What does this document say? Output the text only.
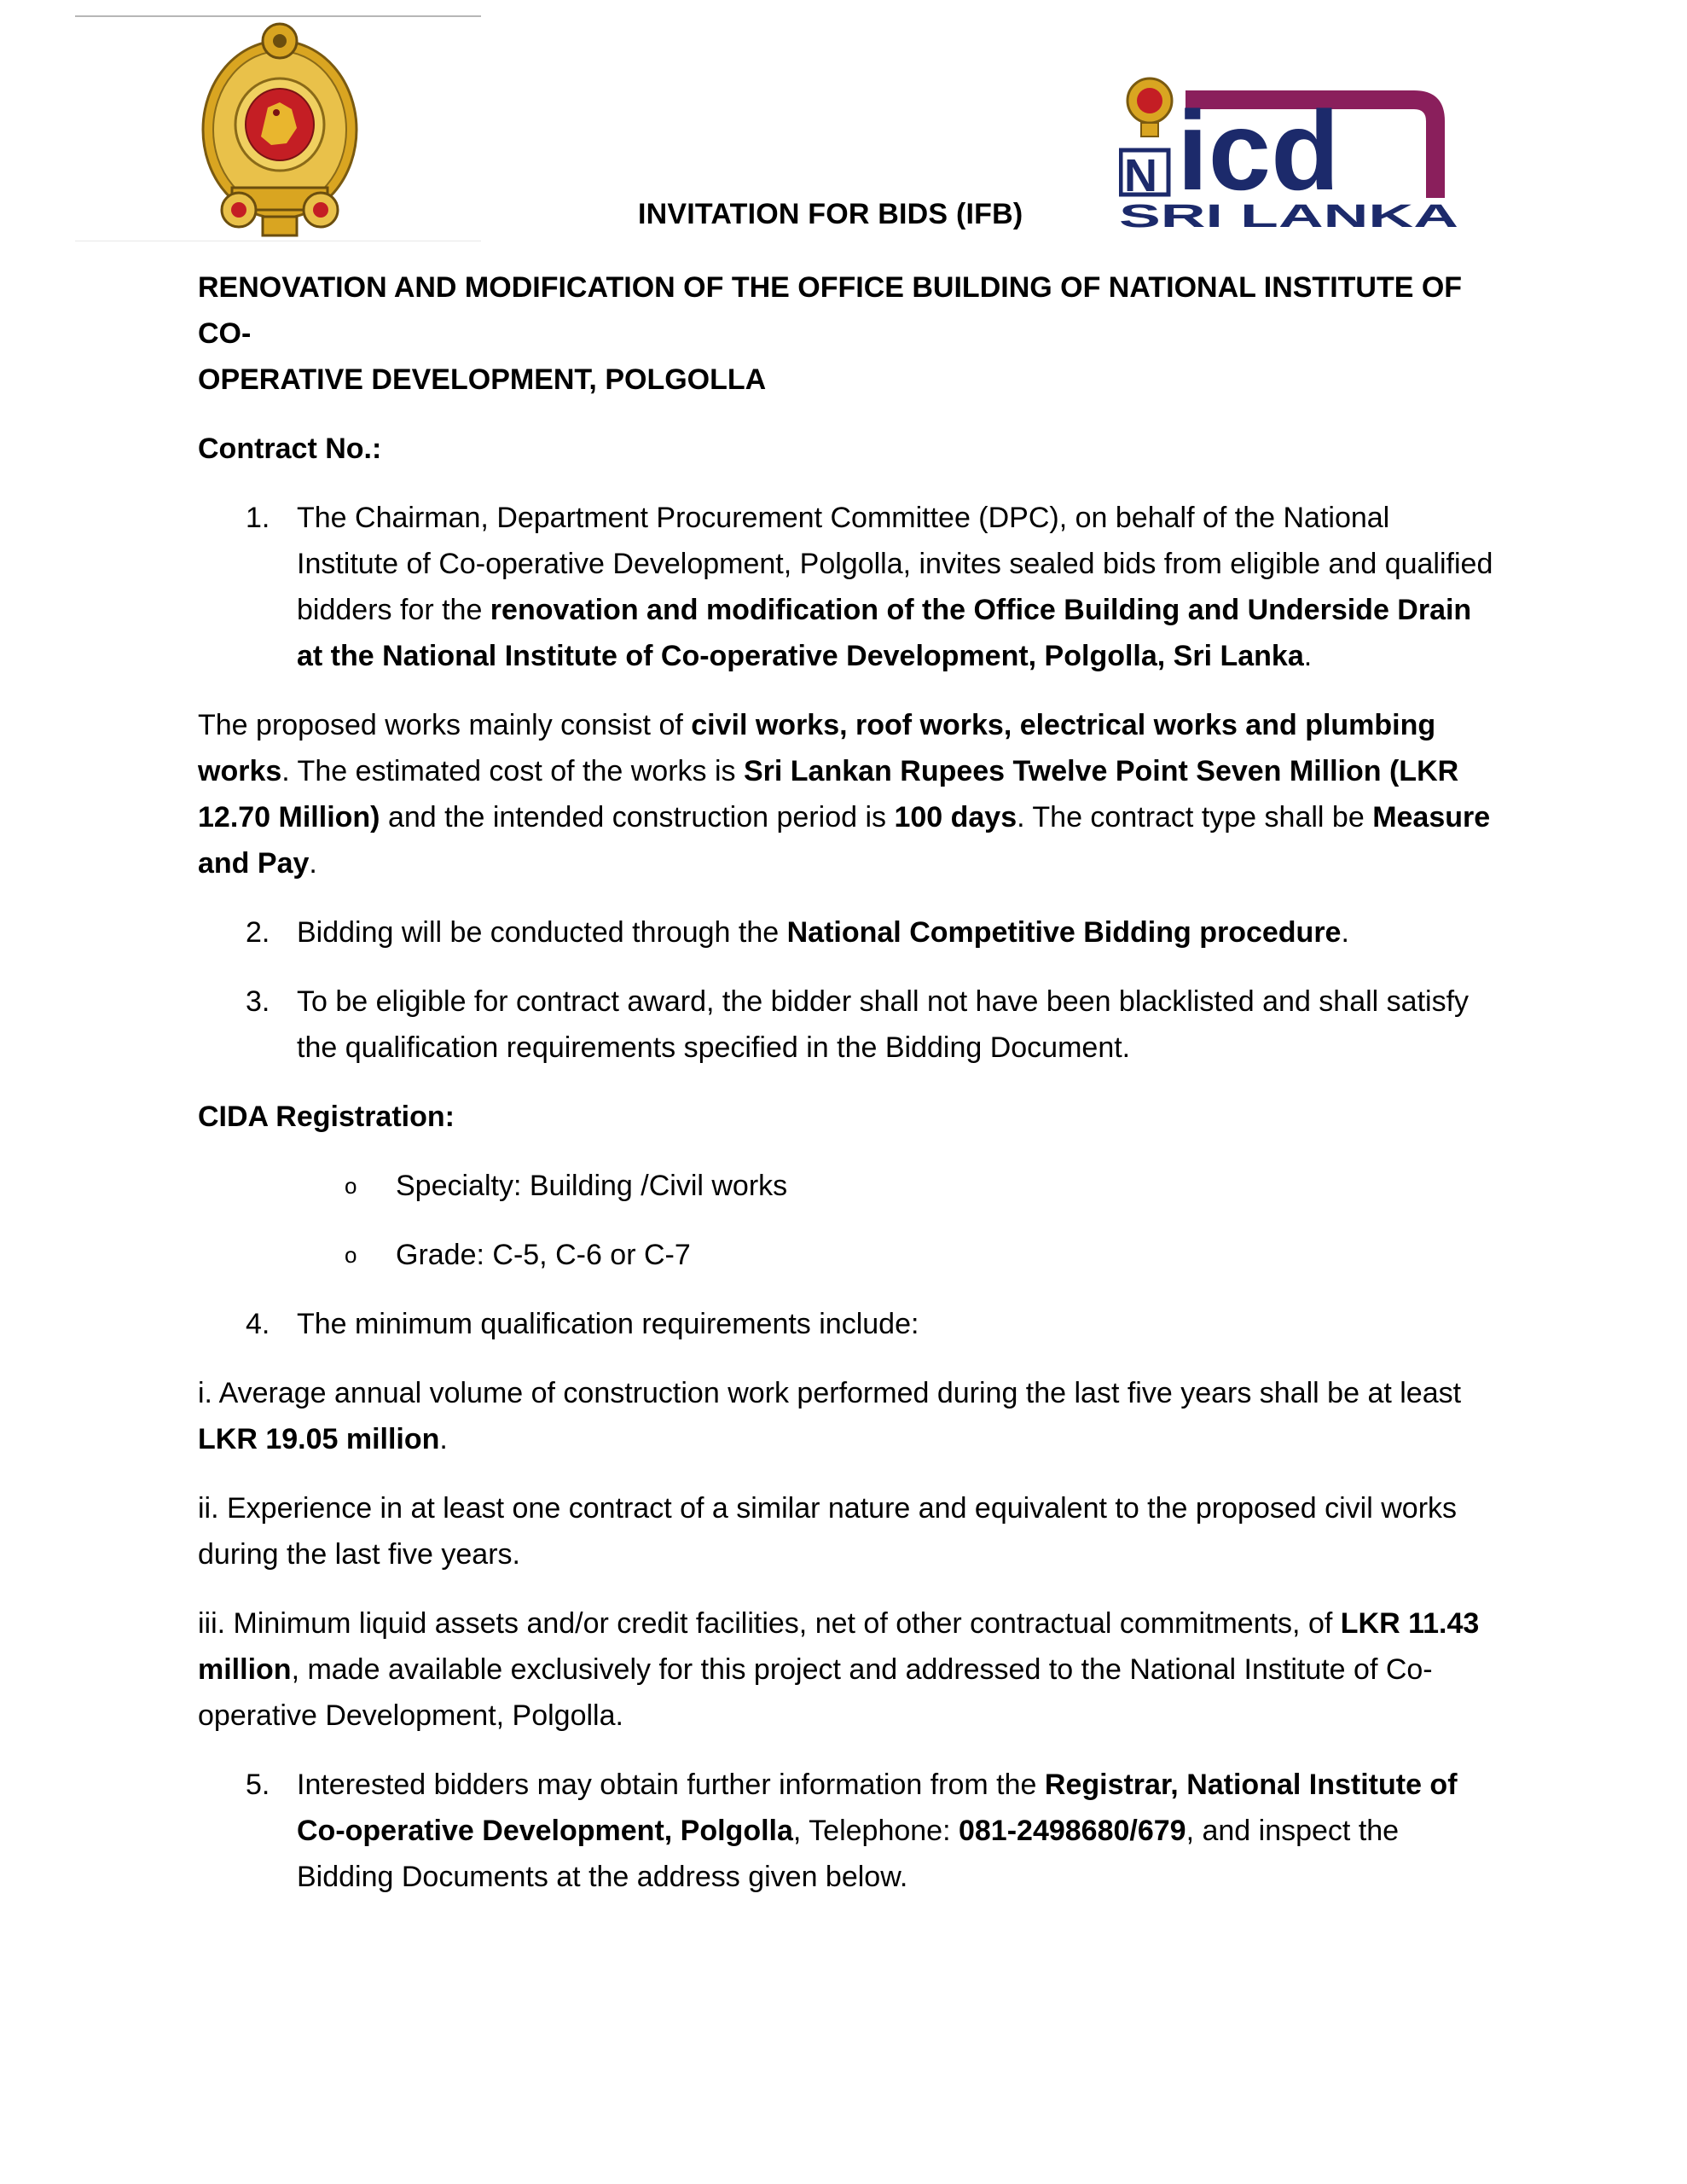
icd
N
SRI LANKA
INVITATION FOR BIDS (IFB)
RENOVATION AND MODIFICATION OF THE OFFICE BUILDING OF NATIONAL INSTITUTE OF CO-
OPERATIVE DEVELOPMENT, POLGOLLA
Contract No.:
1. The Chairman, Department Procurement Committee (DPC), on behalf of the National Institute of Co-operative Development, Polgolla, invites sealed bids from eligible and qualified bidders for the renovation and modification of the Office Building and Underside Drain at the National Institute of Co-operative Development, Polgolla, Sri Lanka.
The proposed works mainly consist of civil works, roof works, electrical works and plumbing works. The estimated cost of the works is Sri Lankan Rupees Twelve Point Seven Million (LKR 12.70 Million) and the intended construction period is 100 days. The contract type shall be Measure and Pay.
2. Bidding will be conducted through the National Competitive Bidding procedure.
3. To be eligible for contract award, the bidder shall not have been blacklisted and shall satisfy the qualification requirements specified in the Bidding Document.
CIDA Registration:
o Specialty: Building /Civil works
o Grade: C-5, C-6 or C-7
4. The minimum qualification requirements include:
i. Average annual volume of construction work performed during the last five years shall be at least LKR 19.05 million.
ii. Experience in at least one contract of a similar nature and equivalent to the proposed civil works during the last five years.
iii. Minimum liquid assets and/or credit facilities, net of other contractual commitments, of LKR 11.43 million, made available exclusively for this project and addressed to the National Institute of Co-operative Development, Polgolla.
5. Interested bidders may obtain further information from the Registrar, National Institute of Co-operative Development, Polgolla, Telephone: 081-2498680/679, and inspect the Bidding Documents at the address given below.
